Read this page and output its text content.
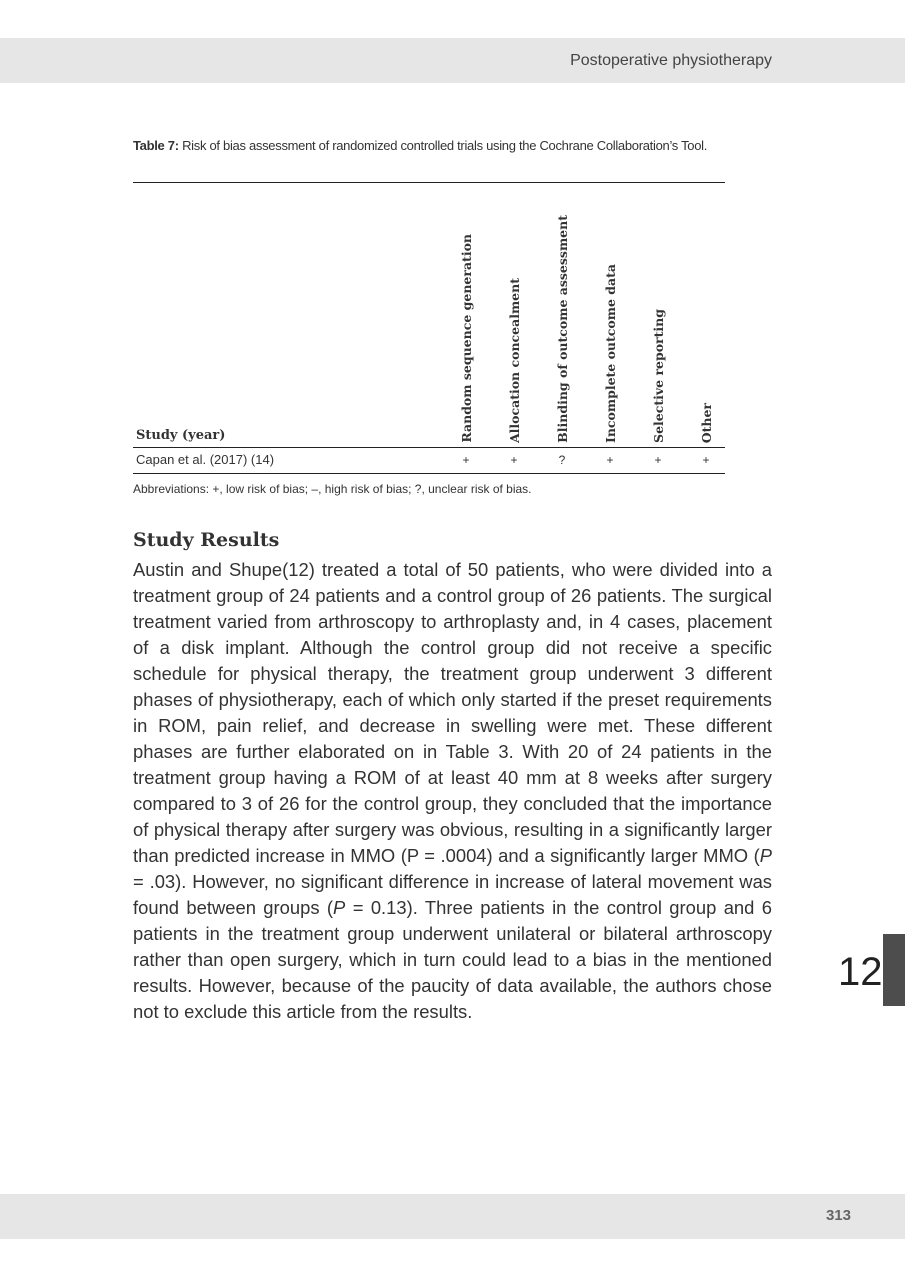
Postoperative physiotherapy
Table 7: Risk of bias assessment of randomized controlled trials using the Cochrane Collaboration’s Tool.
Study (year)	Random sequence generation	Allocation concealment	Blinding of outcome assessment	Incomplete outcome data	Selective reporting	Other
Capan et al. (2017) (14)	+	+	?	+	+	+
Abbreviations: +, low risk of bias; –, high risk of bias; ?, unclear risk of bias.
Study Results

Austin and Shupe(12) treated a total of 50 patients, who were divided into a treatment group of 24 patients and a control group of 26 patients. The surgical treatment varied from arthroscopy to arthroplasty and, in 4 cases, placement of a disk implant. Although the control group did not receive a specific schedule for physical therapy, the treatment group underwent 3 different phases of physiotherapy, each of which only started if the preset requirements in ROM, pain relief, and decrease in swelling were met. These different phases are further elaborated on in Table 3. With 20 of 24 patients in the treatment group having a ROM of at least 40 mm at 8 weeks after surgery compared to 3 of 26 for the control group, they concluded that the importance of physical therapy after surgery was obvious, resulting in a significantly larger than predicted increase in MMO (P = .0004) and a significantly larger MMO (P = .03). However, no significant difference in increase of lateral movement was found between groups (P = 0.13). Three patients in the control group and 6 patients in the treatment group underwent unilateral or bilateral arthroscopy rather than open surgery, which in turn could lead to a bias in the mentioned results. However, because of the paucity of data available, the authors chose not to exclude this article from the results.

12
313
